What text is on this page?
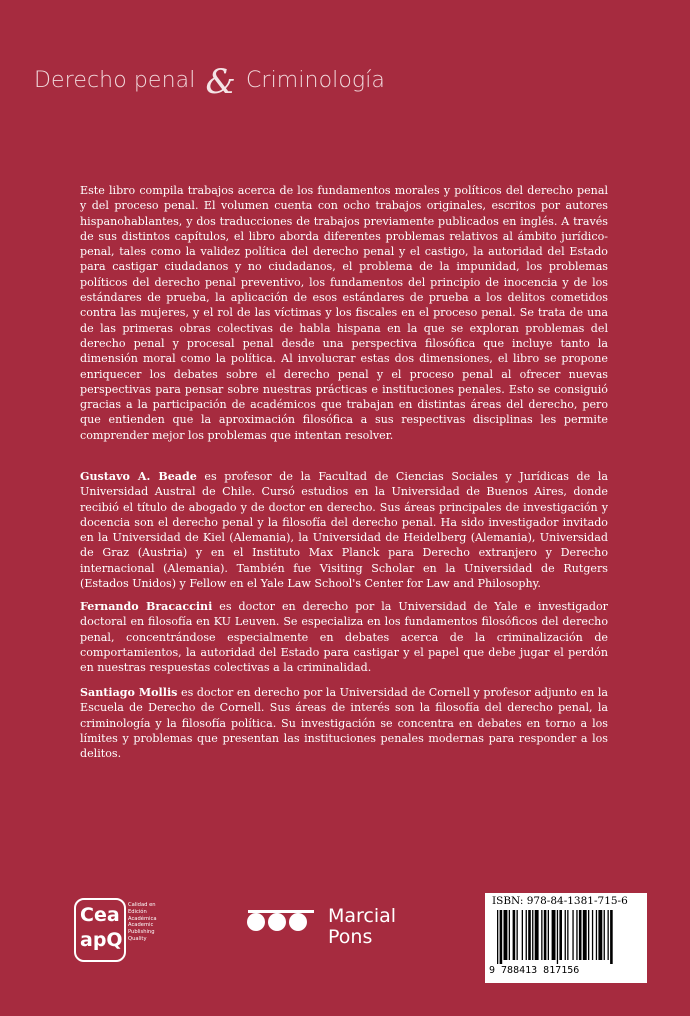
Derecho penal & Criminología
Este libro compila trabajos acerca de los fundamentos morales y políticos del derecho penal y del proceso penal. El volumen cuenta con ocho trabajos originales, escritos por autores hispanohablantes, y dos traducciones de trabajos previamente publicados en inglés. A través de sus distintos capítulos, el libro aborda diferentes problemas relativos al ámbito jurídico-penal, tales como la validez política del derecho penal y el castigo, la autoridad del Estado para castigar ciudadanos y no ciudadanos, el problema de la impunidad, los problemas políticos del derecho penal preventivo, los fundamentos del principio de inocencia y de los estándares de prueba, la aplicación de esos estándares de prueba a los delitos cometidos contra las mujeres, y el rol de las víctimas y los fiscales en el proceso penal. Se trata de una de las primeras obras colectivas de habla hispana en la que se exploran problemas del derecho penal y procesal penal desde una perspectiva filosófica que incluye tanto la dimensión moral como la política. Al involucrar estas dos dimensiones, el libro se propone enriquecer los debates sobre el derecho penal y el proceso penal al ofrecer nuevas perspectivas para pensar sobre nuestras prácticas e instituciones penales. Esto se consiguió gracias a la participación de académicos que trabajan en distintas áreas del derecho, pero que entienden que la aproximación filosófica a sus respectivas disciplinas les permite comprender mejor los problemas que intentan resolver.
Gustavo A. Beade es profesor de la Facultad de Ciencias Sociales y Jurídicas de la Universidad Austral de Chile. Cursó estudios en la Universidad de Buenos Aires, donde recibió el título de abogado y de doctor en derecho. Sus áreas principales de investigación y docencia son el derecho penal y la filosofía del derecho penal. Ha sido investigador invitado en la Universidad de Kiel (Alemania), la Universidad de Heidelberg (Alemania), Universidad de Graz (Austria) y en el Instituto Max Planck para Derecho extranjero y Derecho internacional (Alemania). También fue Visiting Scholar en la Universidad de Rutgers (Estados Unidos) y Fellow en el Yale Law School's Center for Law and Philosophy.
Fernando Bracaccini es doctor en derecho por la Universidad de Yale e investigador doctoral en filosofía en KU Leuven. Se especializa en los fundamentos filosóficos del derecho penal, concentrándose especialmente en debates acerca de la criminalización de comportamientos, la autoridad del Estado para castigar y el papel que debe jugar el perdón en nuestras respuestas colectivas a la criminalidad.
Santiago Mollis es doctor en derecho por la Universidad de Cornell y profesor adjunto en la Escuela de Derecho de Cornell. Sus áreas de interés son la filosofía del derecho penal, la criminología y la filosofía política. Su investigación se concentra en debates en torno a los límites y problemas que presentan las instituciones penales modernas para responder a los delitos.
Cea
apQ
Calidad en
Edición
Académica
Academic
Publishing
Quality
Marcial
Pons
ISBN: 978-84-1381-715-6
9 788413 817156
